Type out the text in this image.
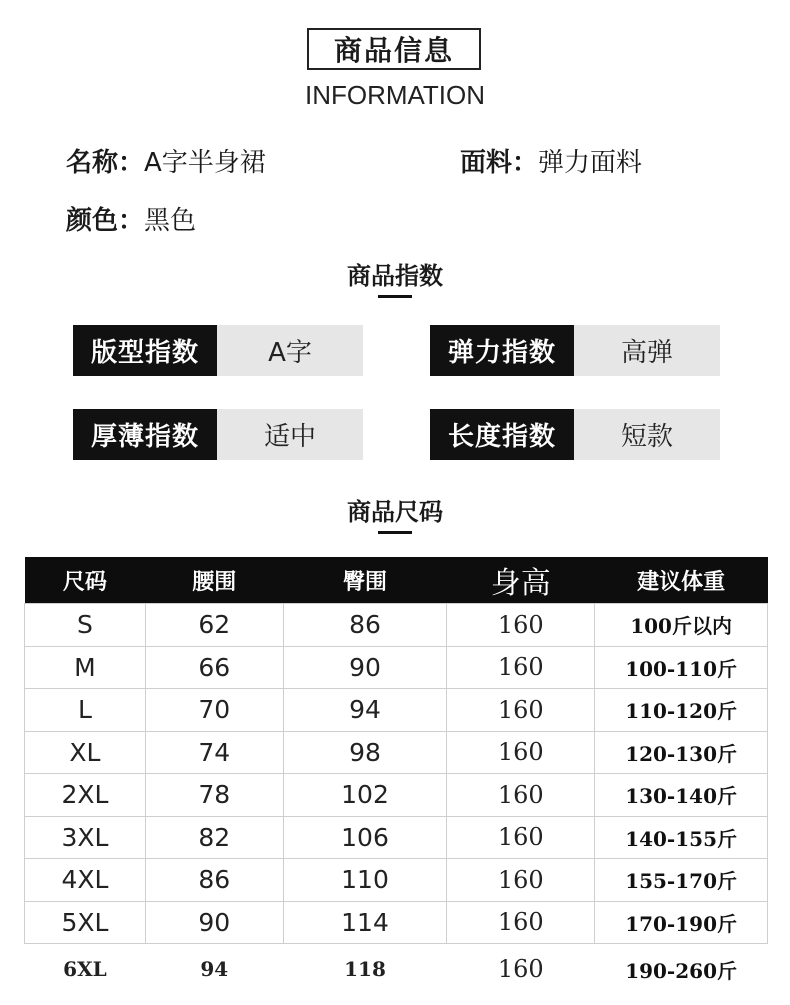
商品信息
INFORMATION
名称：A字半身裙	面料：弹力面料
颜色：黑色
商品指数
版型指数	A字	弹力指数	高弹
厚薄指数	适中	长度指数	短款
商品尺码
尺码	腰围	臀围	身高	建议体重
S	62	86	160	100斤以内
M	66	90	160	100-110斤
L	70	94	160	110-120斤
XL	74	98	160	120-130斤
2XL	78	102	160	130-140斤
3XL	82	106	160	140-155斤
4XL	86	110	160	155-170斤
5XL	90	114	160	170-190斤
6XL	94	118	160	190-260斤
